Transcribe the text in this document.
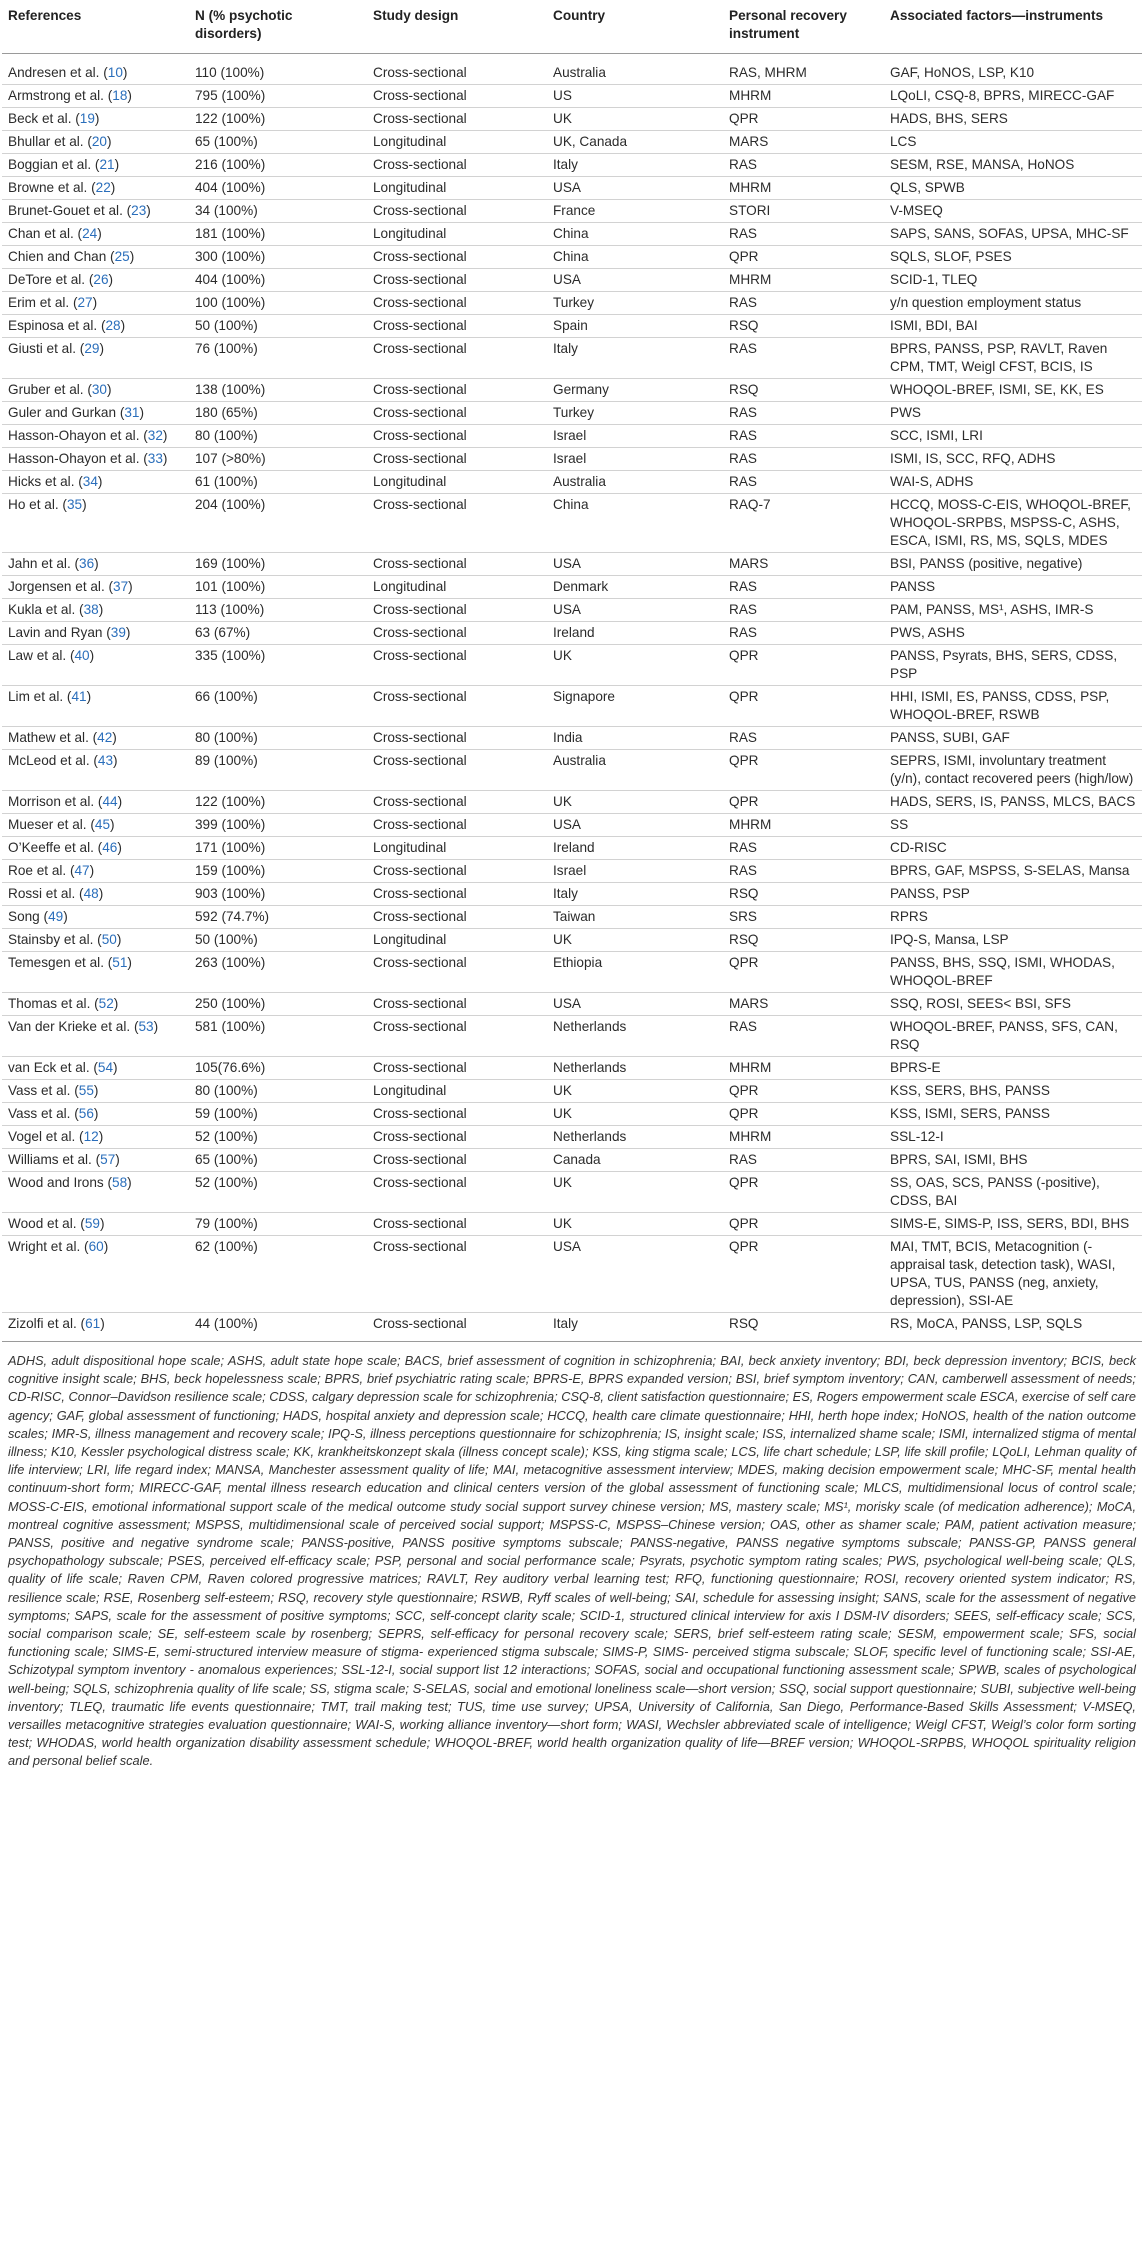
References	N (% psychotic disorders)	Study design	Country	Personal recovery instrument	Associated factors—instruments
Andresen et al. (10)	110 (100%)	Cross-sectional	Australia	RAS, MHRM	GAF, HoNOS, LSP, K10
Armstrong et al. (18)	795 (100%)	Cross-sectional	US	MHRM	LQoLI, CSQ-8, BPRS, MIRECC-GAF
Beck et al. (19)	122 (100%)	Cross-sectional	UK	QPR	HADS, BHS, SERS
Bhullar et al. (20)	65 (100%)	Longitudinal	UK, Canada	MARS	LCS
Boggian et al. (21)	216 (100%)	Cross-sectional	Italy	RAS	SESM, RSE, MANSA, HoNOS
Browne et al. (22)	404 (100%)	Longitudinal	USA	MHRM	QLS, SPWB
Brunet-Gouet et al. (23)	34 (100%)	Cross-sectional	France	STORI	V-MSEQ
Chan et al. (24)	181 (100%)	Longitudinal	China	RAS	SAPS, SANS, SOFAS, UPSA, MHC-SF
Chien and Chan (25)	300 (100%)	Cross-sectional	China	QPR	SQLS, SLOF, PSES
DeTore et al. (26)	404 (100%)	Cross-sectional	USA	MHRM	SCID-1, TLEQ
Erim et al. (27)	100 (100%)	Cross-sectional	Turkey	RAS	y/n question employment status
Espinosa et al. (28)	50 (100%)	Cross-sectional	Spain	RSQ	ISMI, BDI, BAI
Giusti et al. (29)	76 (100%)	Cross-sectional	Italy	RAS	BPRS, PANSS, PSP, RAVLT, Raven CPM, TMT, Weigl CFST, BCIS, IS
Gruber et al. (30)	138 (100%)	Cross-sectional	Germany	RSQ	WHOQOL-BREF, ISMI, SE, KK, ES
Guler and Gurkan (31)	180 (65%)	Cross-sectional	Turkey	RAS	PWS
Hasson-Ohayon et al. (32)	80 (100%)	Cross-sectional	Israel	RAS	SCC, ISMI, LRI
Hasson-Ohayon et al. (33)	107 (>80%)	Cross-sectional	Israel	RAS	ISMI, IS, SCC, RFQ, ADHS
Hicks et al. (34)	61 (100%)	Longitudinal	Australia	RAS	WAI-S, ADHS
Ho et al. (35)	204 (100%)	Cross-sectional	China	RAQ-7	HCCQ, MOSS-C-EIS, WHOQOL-BREF, WHOQOL-SRPBS, MSPSS-C, ASHS, ESCA, ISMI, RS, MS, SQLS, MDES
Jahn et al. (36)	169 (100%)	Cross-sectional	USA	MARS	BSI, PANSS (positive, negative)
Jorgensen et al. (37)	101 (100%)	Longitudinal	Denmark	RAS	PANSS
Kukla et al. (38)	113 (100%)	Cross-sectional	USA	RAS	PAM, PANSS, MS¹, ASHS, IMR-S
Lavin and Ryan (39)	63 (67%)	Cross-sectional	Ireland	RAS	PWS, ASHS
Law et al. (40)	335 (100%)	Cross-sectional	UK	QPR	PANSS, Psyrats, BHS, SERS, CDSS, PSP
Lim et al. (41)	66 (100%)	Cross-sectional	Signapore	QPR	HHI, ISMI, ES, PANSS, CDSS, PSP, WHOQOL-BREF, RSWB
Mathew et al. (42)	80 (100%)	Cross-sectional	India	RAS	PANSS, SUBI, GAF
McLeod et al. (43)	89 (100%)	Cross-sectional	Australia	QPR	SEPRS, ISMI, involuntary treatment (y/n), contact recovered peers (high/low)
Morrison et al. (44)	122 (100%)	Cross-sectional	UK	QPR	HADS, SERS, IS, PANSS, MLCS, BACS
Mueser et al. (45)	399 (100%)	Cross-sectional	USA	MHRM	SS
O’Keeffe et al. (46)	171 (100%)	Longitudinal	Ireland	RAS	CD-RISC
Roe et al. (47)	159 (100%)	Cross-sectional	Israel	RAS	BPRS, GAF, MSPSS, S-SELAS, Mansa
Rossi et al. (48)	903 (100%)	Cross-sectional	Italy	RSQ	PANSS, PSP
Song (49)	592 (74.7%)	Cross-sectional	Taiwan	SRS	RPRS
Stainsby et al. (50)	50 (100%)	Longitudinal	UK	RSQ	IPQ-S, Mansa, LSP
Temesgen et al. (51)	263 (100%)	Cross-sectional	Ethiopia	QPR	PANSS, BHS, SSQ, ISMI, WHODAS, WHOQOL-BREF
Thomas et al. (52)	250 (100%)	Cross-sectional	USA	MARS	SSQ, ROSI, SEES< BSI, SFS
Van der Krieke et al. (53)	581 (100%)	Cross-sectional	Netherlands	RAS	WHOQOL-BREF, PANSS, SFS, CAN, RSQ
van Eck et al. (54)	105(76.6%)	Cross-sectional	Netherlands	MHRM	BPRS-E
Vass et al. (55)	80 (100%)	Longitudinal	UK	QPR	KSS, SERS, BHS, PANSS
Vass et al. (56)	59 (100%)	Cross-sectional	UK	QPR	KSS, ISMI, SERS, PANSS
Vogel et al. (12)	52 (100%)	Cross-sectional	Netherlands	MHRM	SSL-12-I
Williams et al. (57)	65 (100%)	Cross-sectional	Canada	RAS	BPRS, SAI, ISMI, BHS
Wood and Irons (58)	52 (100%)	Cross-sectional	UK	QPR	SS, OAS, SCS, PANSS (-positive), CDSS, BAI
Wood et al. (59)	79 (100%)	Cross-sectional	UK	QPR	SIMS-E, SIMS-P, ISS, SERS, BDI, BHS
Wright et al. (60)	62 (100%)	Cross-sectional	USA	QPR	MAI, TMT, BCIS, Metacognition (-appraisal task, detection task), WASI, UPSA, TUS, PANSS (neg, anxiety, depression), SSI-AE
Zizolfi et al. (61)	44 (100%)	Cross-sectional	Italy	RSQ	RS, MoCA, PANSS, LSP, SQLS
ADHS, adult dispositional hope scale; ASHS, adult state hope scale; BACS, brief assessment of cognition in schizophrenia; BAI, beck anxiety inventory; BDI, beck depression inventory; BCIS, beck cognitive insight scale; BHS, beck hopelessness scale; BPRS, brief psychiatric rating scale; BPRS-E, BPRS expanded version; BSI, brief symptom inventory; CAN, camberwell assessment of needs; CD-RISC, Connor–Davidson resilience scale; CDSS, calgary depression scale for schizophrenia; CSQ-8, client satisfaction questionnaire; ES, Rogers empowerment scale ESCA, exercise of self care agency; GAF, global assessment of functioning; HADS, hospital anxiety and depression scale; HCCQ, health care climate questionnaire; HHI, herth hope index; HoNOS, health of the nation outcome scales; IMR-S, illness management and recovery scale; IPQ-S, illness perceptions questionnaire for schizophrenia; IS, insight scale; ISS, internalized shame scale; ISMI, internalized stigma of mental illness; K10, Kessler psychological distress scale; KK, krankheitskonzept skala (illness concept scale); KSS, king stigma scale; LCS, life chart schedule; LSP, life skill profile; LQoLI, Lehman quality of life interview; LRI, life regard index; MANSA, Manchester assessment quality of life; MAI, metacognitive assessment interview; MDES, making decision empowerment scale; MHC-SF, mental health continuum-short form; MIRECC-GAF, mental illness research education and clinical centers version of the global assessment of functioning scale; MLCS, multidimensional locus of control scale; MOSS-C-EIS, emotional informational support scale of the medical outcome study social support survey chinese version; MS, mastery scale; MS¹, morisky scale (of medication adherence); MoCA, montreal cognitive assessment; MSPSS, multidimensional scale of perceived social support; MSPSS-C, MSPSS–Chinese version; OAS, other as shamer scale; PAM, patient activation measure; PANSS, positive and negative syndrome scale; PANSS-positive, PANSS positive symptoms subscale; PANSS-negative, PANSS negative symptoms subscale; PANSS-GP, PANSS general psychopathology subscale; PSES, perceived elf-efficacy scale; PSP, personal and social performance scale; Psyrats, psychotic symptom rating scales; PWS, psychological well-being scale; QLS, quality of life scale; Raven CPM, Raven colored progressive matrices; RAVLT, Rey auditory verbal learning test; RFQ, functioning questionnaire; ROSI, recovery oriented system indicator; RS, resilience scale; RSE, Rosenberg self-esteem; RSQ, recovery style questionnaire; RSWB, Ryff scales of well-being; SAI, schedule for assessing insight; SANS, scale for the assessment of negative symptoms; SAPS, scale for the assessment of positive symptoms; SCC, self-concept clarity scale; SCID-1, structured clinical interview for axis I DSM-IV disorders; SEES, self-efficacy scale; SCS, social comparison scale; SE, self-esteem scale by rosenberg; SEPRS, self-efficacy for personal recovery scale; SERS, brief self-esteem rating scale; SESM, empowerment scale; SFS, social functioning scale; SIMS-E, semi-structured interview measure of stigma- experienced stigma subscale; SIMS-P, SIMS- perceived stigma subscale; SLOF, specific level of functioning scale; SSI-AE, Schizotypal symptom inventory - anomalous experiences; SSL-12-I, social support list 12 interactions; SOFAS, social and occupational functioning assessment scale; SPWB, scales of psychological well-being; SQLS, schizophrenia quality of life scale; SS, stigma scale; S-SELAS, social and emotional loneliness scale—short version; SSQ, social support questionnaire; SUBI, subjective well-being inventory; TLEQ, traumatic life events questionnaire; TMT, trail making test; TUS, time use survey; UPSA, University of California, San Diego, Performance-Based Skills Assessment; V-MSEQ, versailles metacognitive strategies evaluation questionnaire; WAI-S, working alliance inventory—short form; WASI, Wechsler abbreviated scale of intelligence; Weigl CFST, Weigl’s color form sorting test; WHODAS, world health organization disability assessment schedule; WHOQOL-BREF, world health organization quality of life—BREF version; WHOQOL-SRPBS, WHOQOL spirituality religion and personal belief scale.
